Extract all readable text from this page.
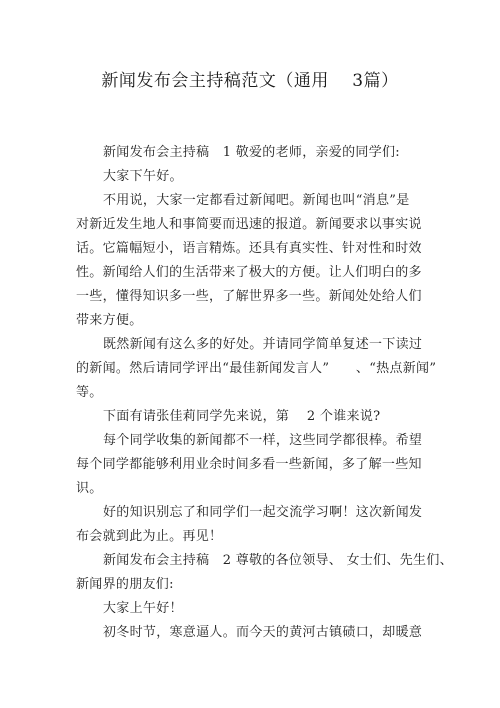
新闻发布会主持稿范文（通用　 3篇）
新闻发布会主持稿　1 敬爱的老师，亲爱的同学们:
大家下午好。
不用说，大家一定都看过新闻吧。新闻也叫“消息”是
对新近发生地人和事简要而迅速的报道。新闻要求以事实说
话。它篇幅短小，语言精炼。还具有真实性、针对性和时效
性。新闻给人们的生活带来了极大的方便。让人们明白的多
一些，懂得知识多一些，了解世界多一些。新闻处处给人们
带来方便。
既然新闻有这么多的好处。并请同学简单复述一下读过
的新闻。然后请同学评出“最佳新闻发言人”　　、“热点新闻”
等。
下面有请张佳莉同学先来说，第　 2 个谁来说?
每个同学收集的新闻都不一样，这些同学都很棒。希望
每个同学都能够利用业余时间多看一些新闻，多了解一些知
识。
好的知识别忘了和同学们一起交流学习啊！这次新闻发
布会就到此为止。再见！
新闻发布会主持稿　2 尊敬的各位领导、 女士们、先生们、
新闻界的朋友们:
大家上午好！
初冬时节，寒意逼人。而今天的黄河古镇碛口，却暖意
